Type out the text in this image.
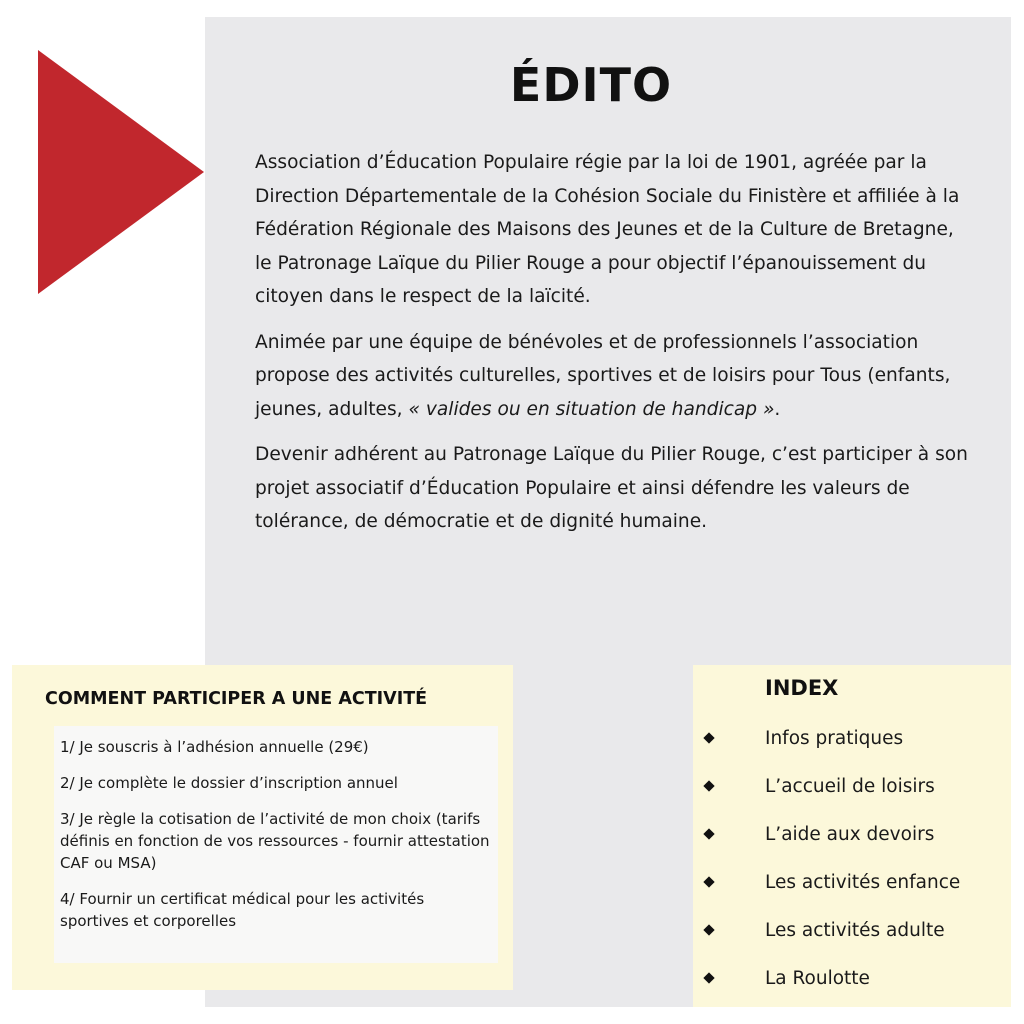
ÉDITO

Association d’Éducation Populaire régie par la loi de 1901, agréée par la Direction Départementale de la Cohésion Sociale du Finistère et affiliée à la Fédération Régionale des Maisons des Jeunes et de la Culture de Bretagne, le Patronage Laïque du Pilier Rouge a pour objectif l’épanouissement du citoyen dans le respect de la laïcité.

Animée par une équipe de bénévoles et de professionnels l’association propose des activités culturelles, sportives et de loisirs pour Tous (enfants, jeunes, adultes, « valides ou en situation de handicap ».

Devenir adhérent au Patronage Laïque du Pilier Rouge, c’est participer à son projet associatif d’Éducation Populaire et ainsi défendre les valeurs de tolérance, de démocratie et de dignité humaine.

COMMENT PARTICIPER A UNE ACTIVITÉ
1/ Je souscris à l’adhésion annuelle (29€)
2/ Je complète le dossier d’inscription annuel
3/ Je règle la cotisation de l’activité de mon choix (tarifs définis en fonction de vos ressources - fournir attestation CAF ou MSA)
4/ Fournir un certificat médical pour les activités sportives et corporelles
INDEX
Infos pratiques
L’accueil de loisirs
L’aide aux devoirs
Les activités enfance
Les activités adulte
La Roulotte
